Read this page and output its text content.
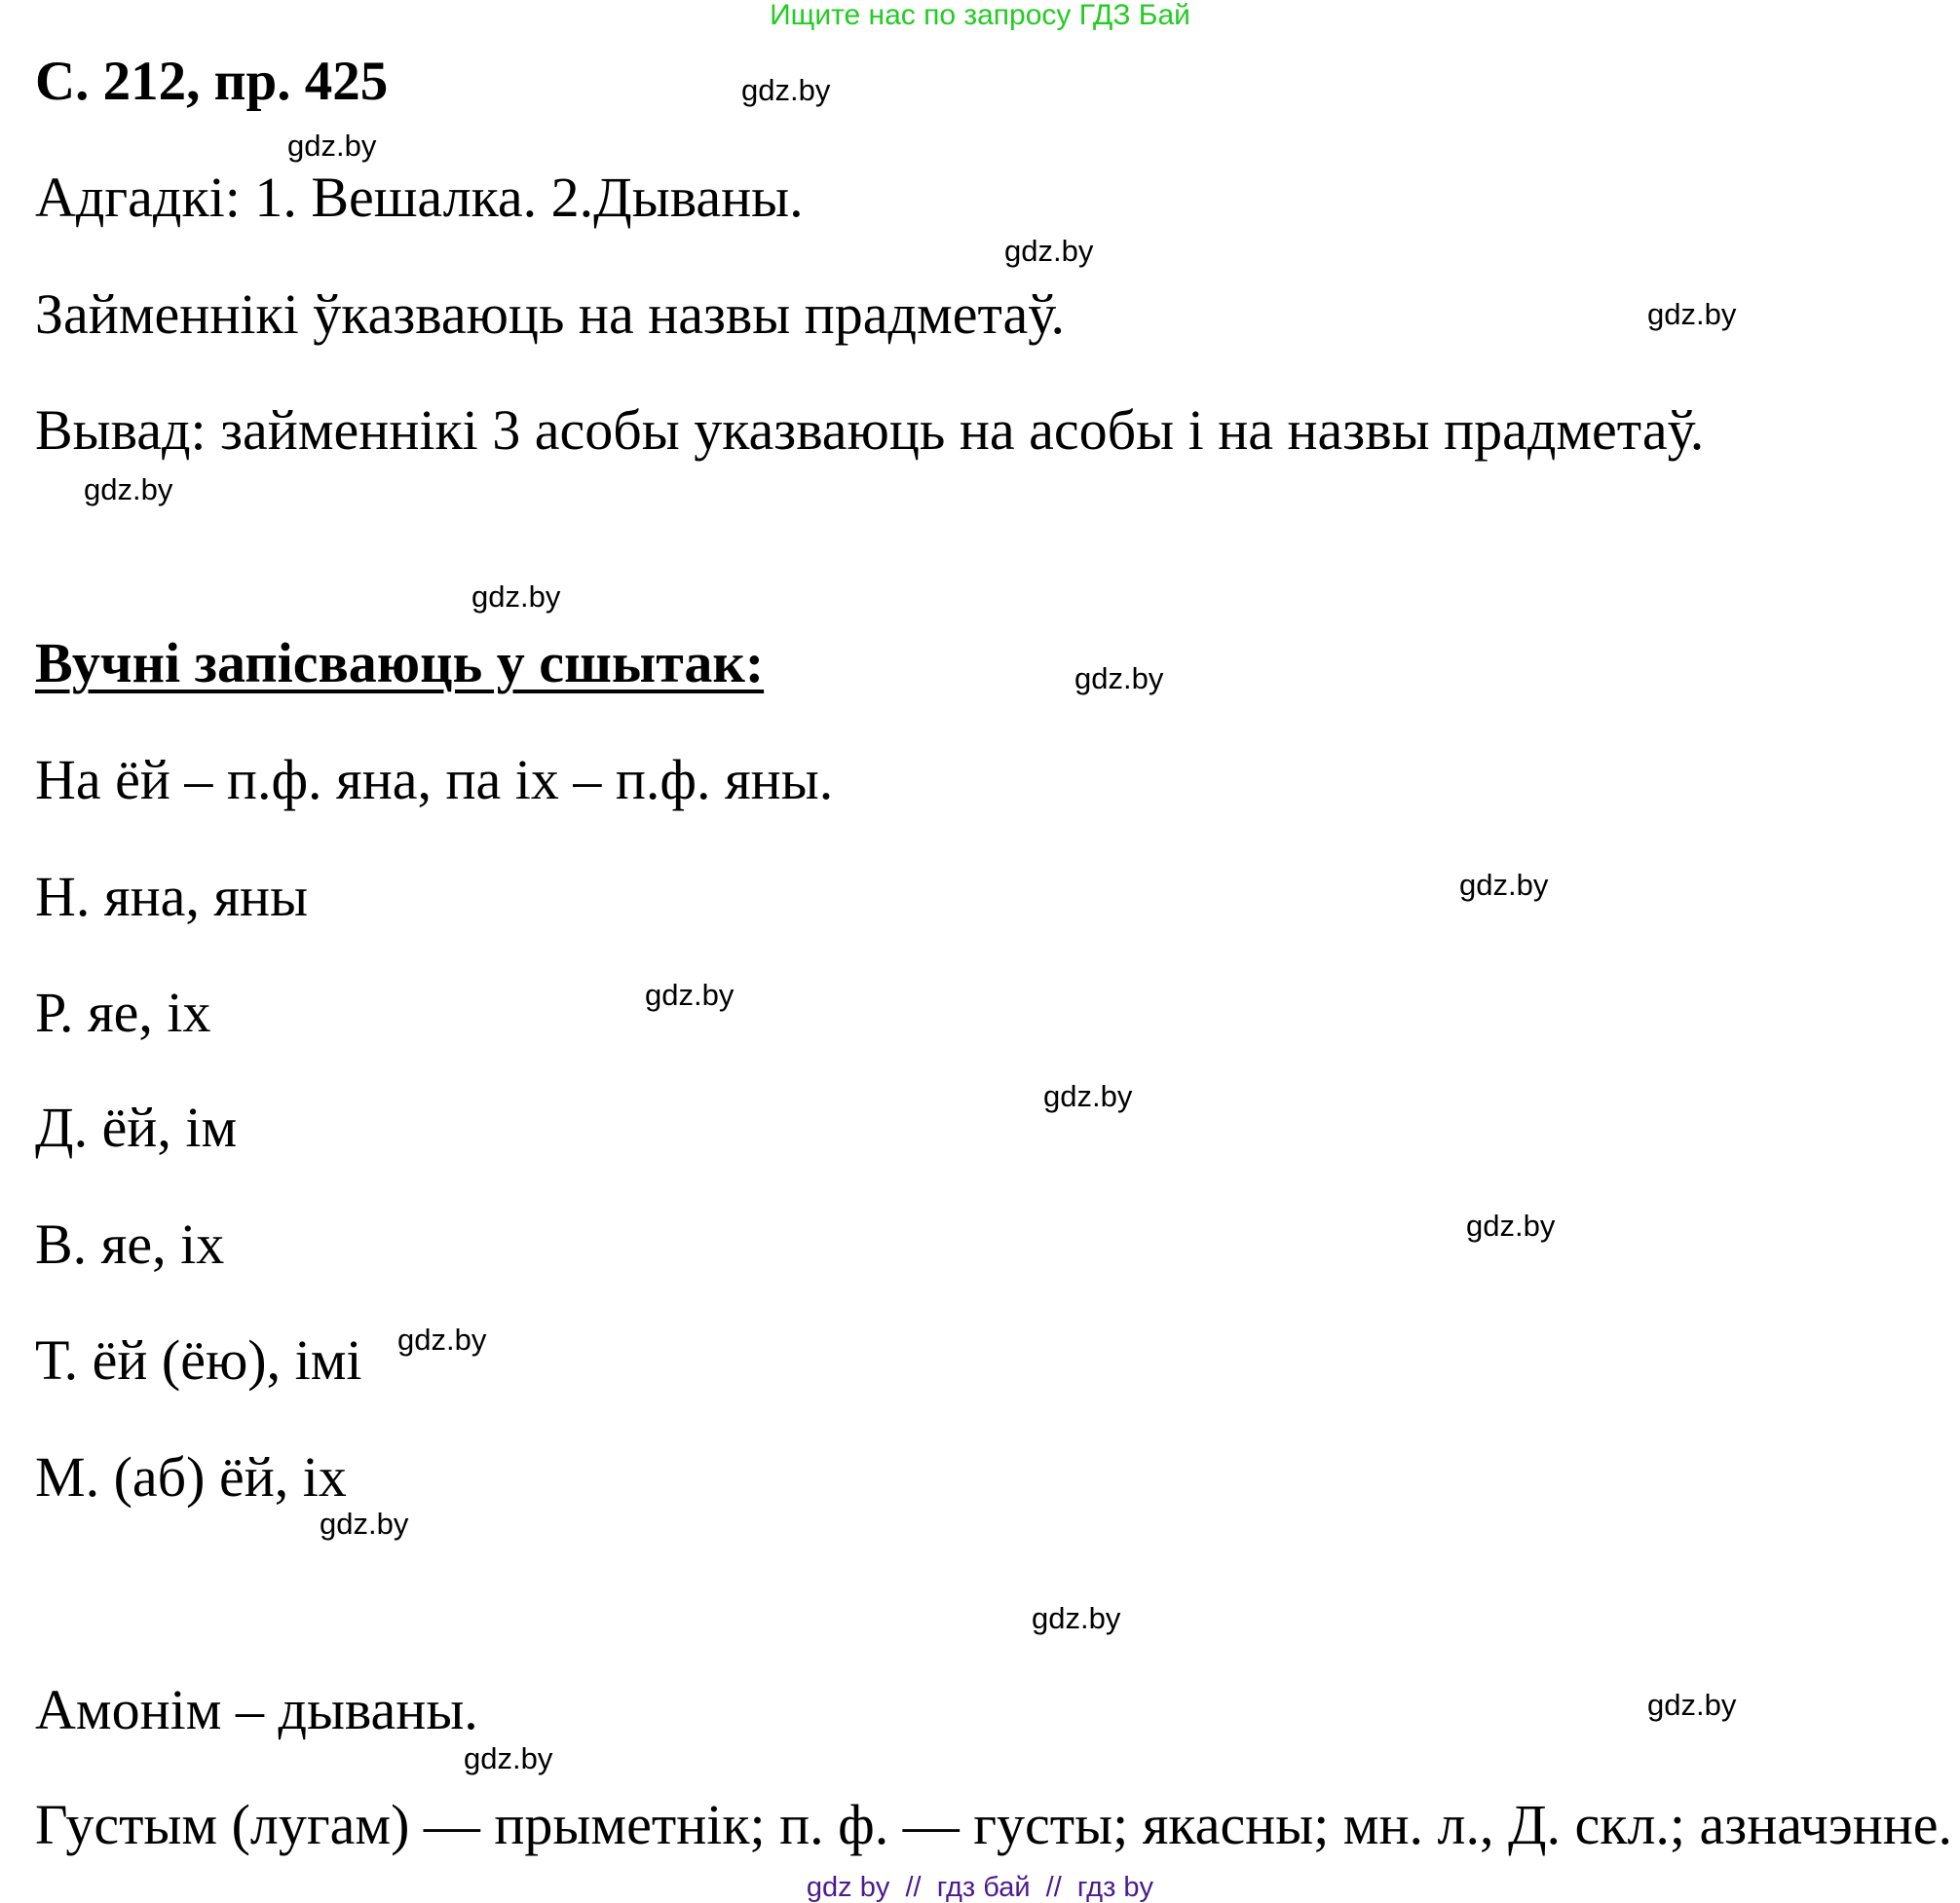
Ищите нас по запросу ГДЗ Бай
С. 212, пр. 425

Адгадкі: 1. Вешалка. 2.Дываны.

Займеннікі ўказваюць на назвы прадметаў.

Вывад: займеннікі 3 асобы указваюць на асобы і на назвы прадметаў.

Вучні запісваюць у сшытак:

На ёй – п.ф. яна, па іх – п.ф. яны.

Н. яна, яны

Р. яе, іх

Д. ёй, ім

В. яе, іх

Т. ёй (ёю), імі

М. (аб) ёй, іх

Амонім – дываны.

Густым (лугам) — прыметнік; п. ф. — густы; якасны; мн. л., Д. скл.; азначэнне.

gdz.by
gdz.by
gdz.by
gdz.by
gdz.by
gdz.by
gdz.by
gdz.by
gdz.by
gdz.by
gdz.by
gdz.by
gdz.by
gdz.by
gdz.by
gdz.by
gdz by  //  гдз бай  //  гдз by
